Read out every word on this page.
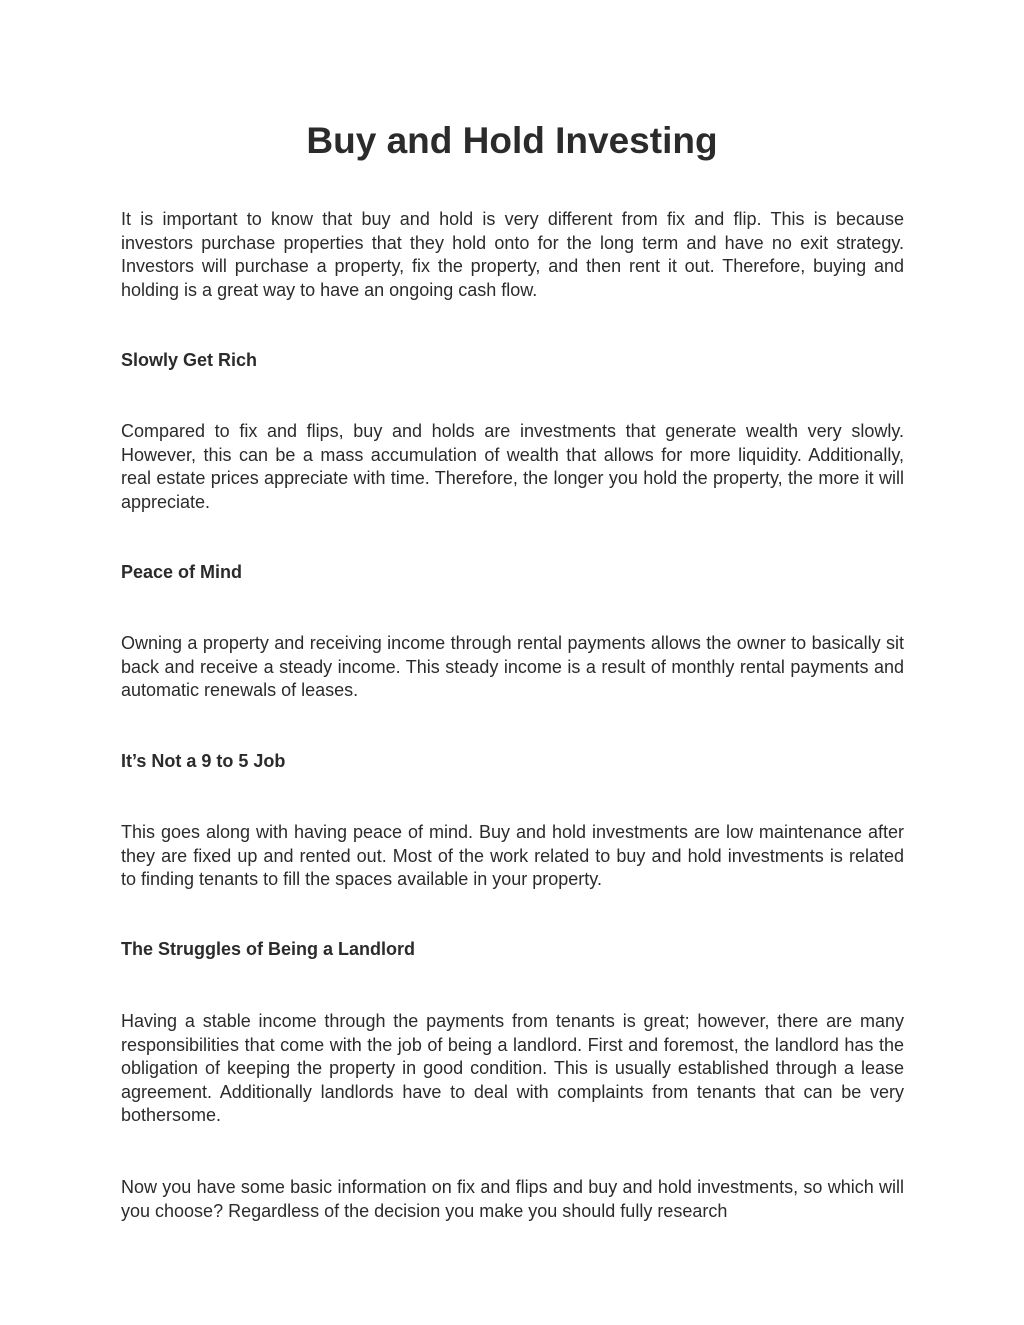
Buy and Hold Investing

It is important to know that buy and hold is very different from fix and flip. This is because investors purchase properties that they hold onto for the long term and have no exit strategy. Investors will purchase a property, fix the property, and then rent it out. Therefore, buying and holding is a great way to have an ongoing cash flow.

Slowly Get Rich

Compared to fix and flips, buy and holds are investments that generate wealth very slowly. However, this can be a mass accumulation of wealth that allows for more liquidity. Additionally, real estate prices appreciate with time. Therefore, the longer you hold the property, the more it will appreciate.

Peace of Mind

Owning a property and receiving income through rental payments allows the owner to basically sit back and receive a steady income. This steady income is a result of monthly rental payments and automatic renewals of leases.

It’s Not a 9 to 5 Job

This goes along with having peace of mind. Buy and hold investments are low maintenance after they are fixed up and rented out. Most of the work related to buy and hold investments is related to finding tenants to fill the spaces available in your property.

The Struggles of Being a Landlord

Having a stable income through the payments from tenants is great; however, there are many responsibilities that come with the job of being a landlord. First and foremost, the landlord has the obligation of keeping the property in good condition. This is usually established through a lease agreement. Additionally landlords have to deal with complaints from tenants that can be very bothersome.

Now you have some basic information on fix and flips and buy and hold investments, so which will you choose? Regardless of the decision you make you should fully research
